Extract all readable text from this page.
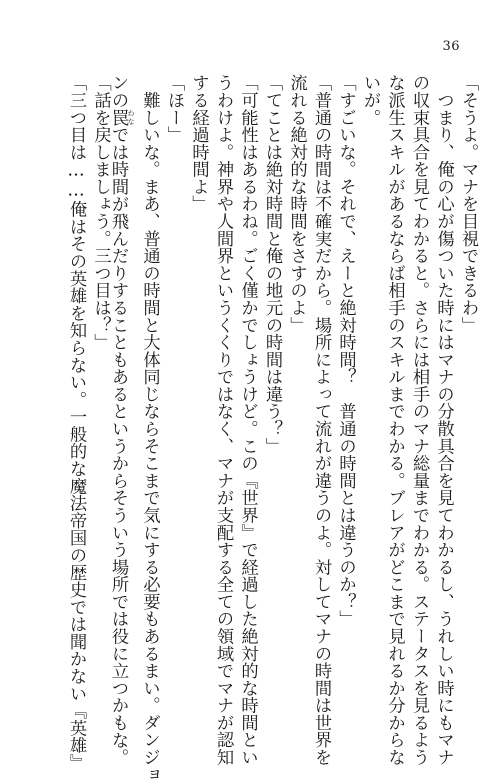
36
「そうよ。マナを目視できるわ」
　つまり、俺の心が傷ついた時にはマナの分散具合を見てわかるし、うれしい時にもマナ
の収束具合を見てわかると。さらには相手のマナ総量までわかる。ステータスを見るよう
な派生スキルがあるならば相手のスキルまでわかる。ブレアがどこまで見れるか分からな
いが。
「すごいな。それで、えーと絶対時間？　普通の時間とは違うのか？」
「普通の時間は不確実だから。場所によって流れが違うのよ。対してマナの時間は世界を
流れる絶対的な時間をさすのよ」
「てことは絶対時間と俺の地元の時間は違う？」
「可能性はあるわね。ごく僅かでしょうけど。この『世界』で経過した絶対的な時間とい
うわけよ。神界や人間界というくくりではなく、マナが支配する全ての領域でマナが認知
する経過時間よ」
「ほー」
　難しいな。まあ、普通の時間と大体同じならそこまで気にする必要もあるまい。ダンジョ
ンの罠 わなでは時間が飛んだりすることもあるというからそういう場所では役に立つかもな。
「話を戻しましょう。三つ目は？」
「三つ目は……俺はその英雄を知らない。一般的な魔法帝国の歴史では聞かない『英雄』
